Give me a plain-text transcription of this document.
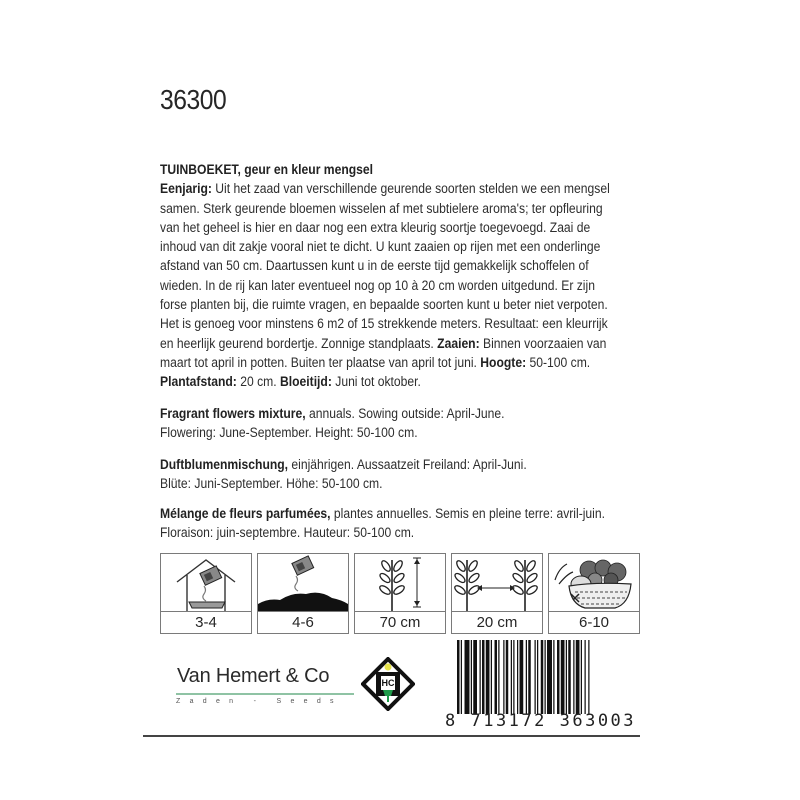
36300
TUINBOEKET, geur en kleur mengsel
Eenjarig: Uit het zaad van verschillende geurende soorten stelden we een mengsel
samen. Sterk geurende bloemen wisselen af met subtielere aroma's; ter opfleuring
van het geheel is hier en daar nog een extra kleurig soortje toegevoegd. Zaai de
inhoud van dit zakje vooral niet te dicht. U kunt zaaien op rijen met een onderlinge
afstand van 50 cm. Daartussen kunt u in de eerste tijd gemakkelijk schoffelen of
wieden. In de rij kan later eventueel nog op 10 à 20 cm worden uitgedund. Er zijn
forse planten bij, die ruimte vragen, en bepaalde soorten kunt u beter niet verpoten.
Het is genoeg voor minstens 6 m2 of 15 strekkende meters. Resultaat: een kleurrijk
en heerlijk geurend bordertje. Zonnige standplaats. Zaaien: Binnen voorzaaien van
maart tot april in potten. Buiten ter plaatse van april tot juni. Hoogte: 50-100 cm.
Plantafstand: 20 cm. Bloeitijd: Juni tot oktober.
Fragrant flowers mixture, annuals. Sowing outside: April-June.
Flowering: June-September. Height: 50-100 cm.
Duftblumenmischung, einjährigen. Aussaatzeit Freiland: April-Juni.
Blüte: Juni-September. Höhe: 50-100 cm.
Mélange de fleurs parfumées, plantes annuelles. Semis en pleine terre: avril-juin.
Floraison: juin-septembre. Hauteur: 50-100 cm.
3-4	4-6	70 cm	20 cm	6-10
Van Hemert & Co
Zaden - Seeds
HC
8 713172 363003
